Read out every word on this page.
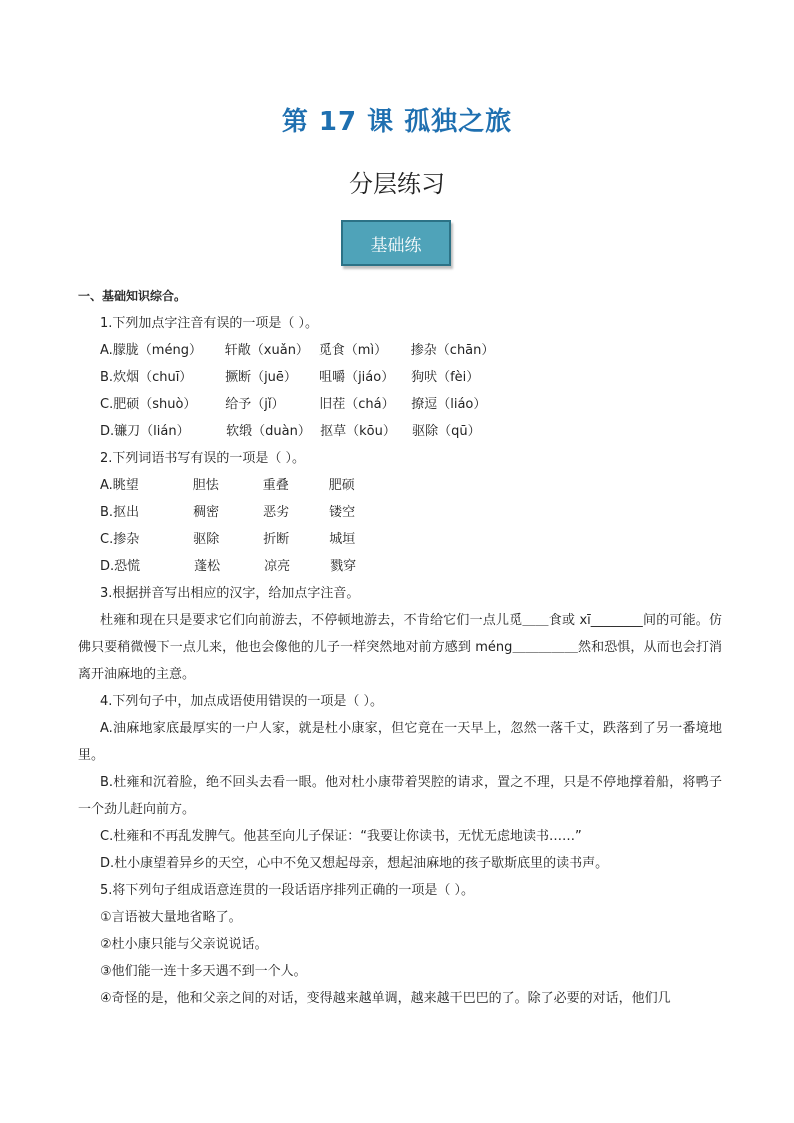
第 17 课 孤独之旅
分层练习
基础练

一、基础知识综合。

1.下列加点字注音有误的一项是（ ）。

A.朦胧（méng） 轩敞（xuǎn） 觅食（mì） 掺杂（chān）

B.炊烟（chuī）	撅断（juē） 咀嚼（jiáo） 狗吠（fèi）

C.肥硕（shuò） 给予（jǐ）	旧茬（chá） 撩逗（liáo）

D.镰刀（lián）	软缎（duàn） 抠草（kōu） 驱除（qū）

2.下列词语书写有误的一项是（ ）。

A.眺望	胆怯	重叠	肥硕

B.抠出	稠密	恶劣	镂空

C.掺杂	驱除	折断	城垣

D.恐慌	蓬松	凉亮	戮穿

3.根据拼音写出相应的汉字，给加点字注音。

杜雍和现在只是要求它们向前游去，不停顿地游去，不肯给它们一点儿觅＿＿食或 xī________间的可能。仿佛只要稍微慢下一点儿来，他也会像他的儿子一样突然地对前方感到 méng＿＿＿＿＿然和恐惧，从而也会打消离开油麻地的主意。

4.下列句子中，加点成语使用错误的一项是（ ）。

A.油麻地家底最厚实的一户人家，就是杜小康家，但它竟在一天早上，忽然一落千丈，跌落到了另一番境地里。

B.杜雍和沉着脸，绝不回头去看一眼。他对杜小康带着哭腔的请求，置之不理，只是不停地撑着船，将鸭子一个劲儿赶向前方。

C.杜雍和不再乱发脾气。他甚至向儿子保证：“我要让你读书，无忧无虑地读书……”

D.杜小康望着异乡的天空，心中不免又想起母亲，想起油麻地的孩子歇斯底里的读书声。

5.将下列句子组成语意连贯的一段话语序排列正确的一项是（ ）。

①言语被大量地省略了。

②杜小康只能与父亲说说话。

③他们能一连十多天遇不到一个人。

④奇怪的是，他和父亲之间的对话，变得越来越单调，越来越干巴巴的了。除了必要的对话，他们几
